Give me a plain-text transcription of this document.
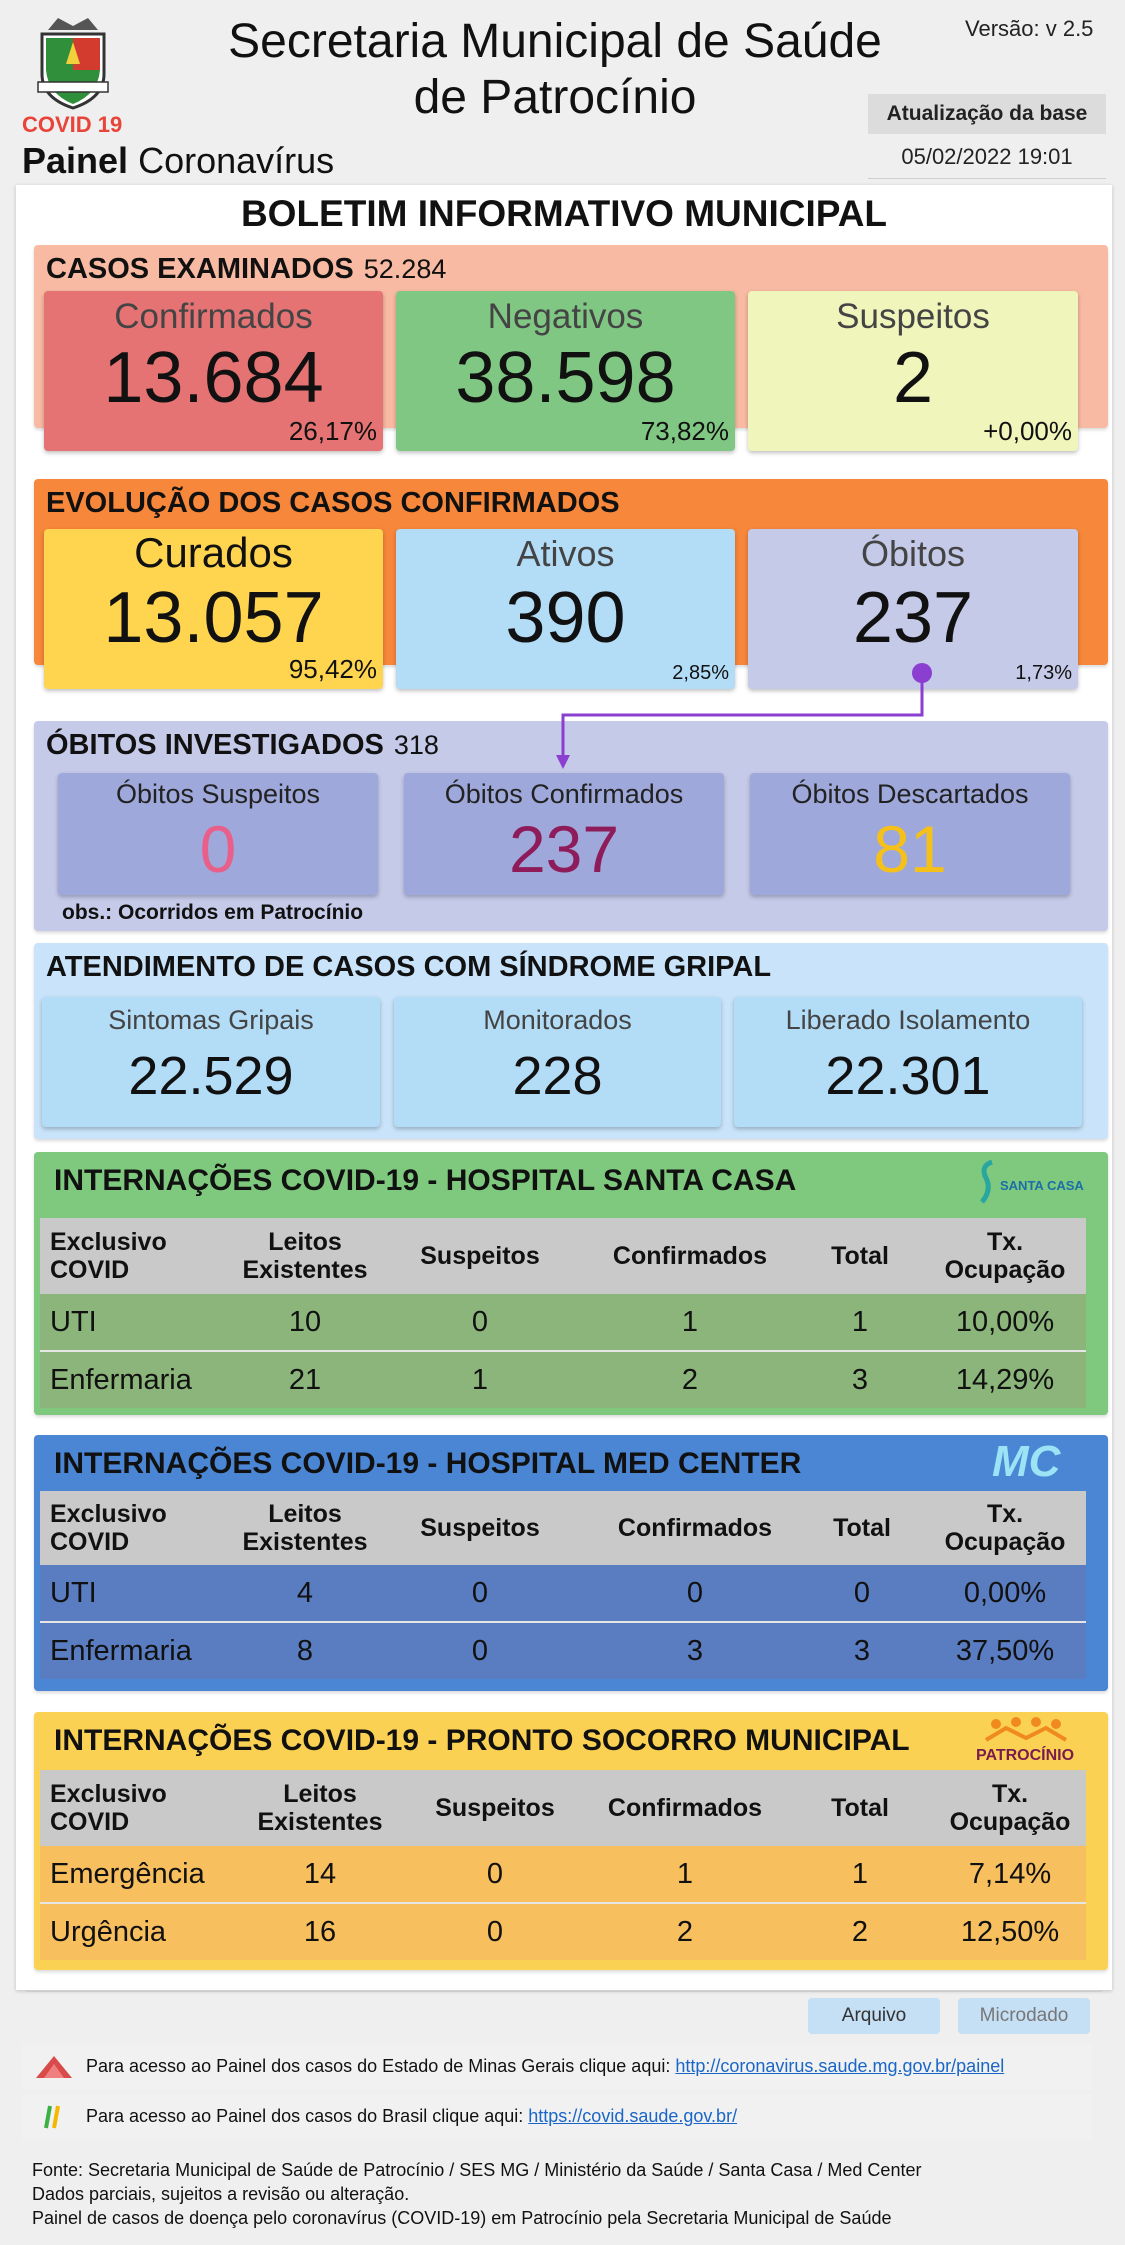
COVID 19
Painel Coronavírus
Secretaria Municipal de Saúde
de Patrocínio
Versão: v 2.5
Atualização da base
05/02/2022 19:01
BOLETIM INFORMATIVO MUNICIPAL
CASOS EXAMINADOS 52.284
Confirmados
13.684
26,17%
Negativos
38.598
73,82%
Suspeitos
2
+0,00%
EVOLUÇÃO DOS CASOS CONFIRMADOS
Curados
13.057
95,42%
Ativos
390
2,85%
Óbitos
237
1,73%
ÓBITOS INVESTIGADOS 318
Óbitos Suspeitos
0
Óbitos Confirmados
237
Óbitos Descartados
81
obs.: Ocorridos em Patrocínio
ATENDIMENTO DE CASOS COM SÍNDROME GRIPAL
Sintomas Gripais
22.529
Monitorados
228
Liberado Isolamento
22.301
INTERNAÇÕES COVID-19 - HOSPITAL SANTA CASA	SANTA CASA
Exclusivo
COVID
Leitos
Existentes	Suspeitos	Confirmados	Total	Tx.
Ocupação
UTI	10	0	1	1	10,00%
Enfermaria	21	1	2	3	14,29%
INTERNAÇÕES COVID-19 - HOSPITAL MED CENTER	MC
Exclusivo
COVID
Leitos
Existentes	Suspeitos	Confirmados	Total	Tx.
Ocupação
UTI	4	0	0	0	0,00%
Enfermaria	8	0	3	3	37,50%
INTERNAÇÕES COVID-19 - PRONTO SOCORRO MUNICIPAL	PATROCÍNIO
Exclusivo
COVID
Leitos
Existentes	Suspeitos	Confirmados	Total	Tx.
Ocupação
Emergência	14	0	1	1	7,14%
Urgência	16	0	2	2	12,50%
Arquivo	Microdado
Para acesso ao Painel dos casos do Estado de Minas Gerais clique aqui: http://coronavirus.saude.mg.gov.br/painel
Para acesso ao Painel dos casos do Brasil clique aqui: https://covid.saude.gov.br/
Fonte: Secretaria Municipal de Saúde de Patrocínio / SES MG / Ministério da Saúde / Santa Casa / Med Center
Dados parciais, sujeitos a revisão ou alteração.
Painel de casos de doença pelo coronavírus (COVID-19) em Patrocínio pela Secretaria Municipal de Saúde
